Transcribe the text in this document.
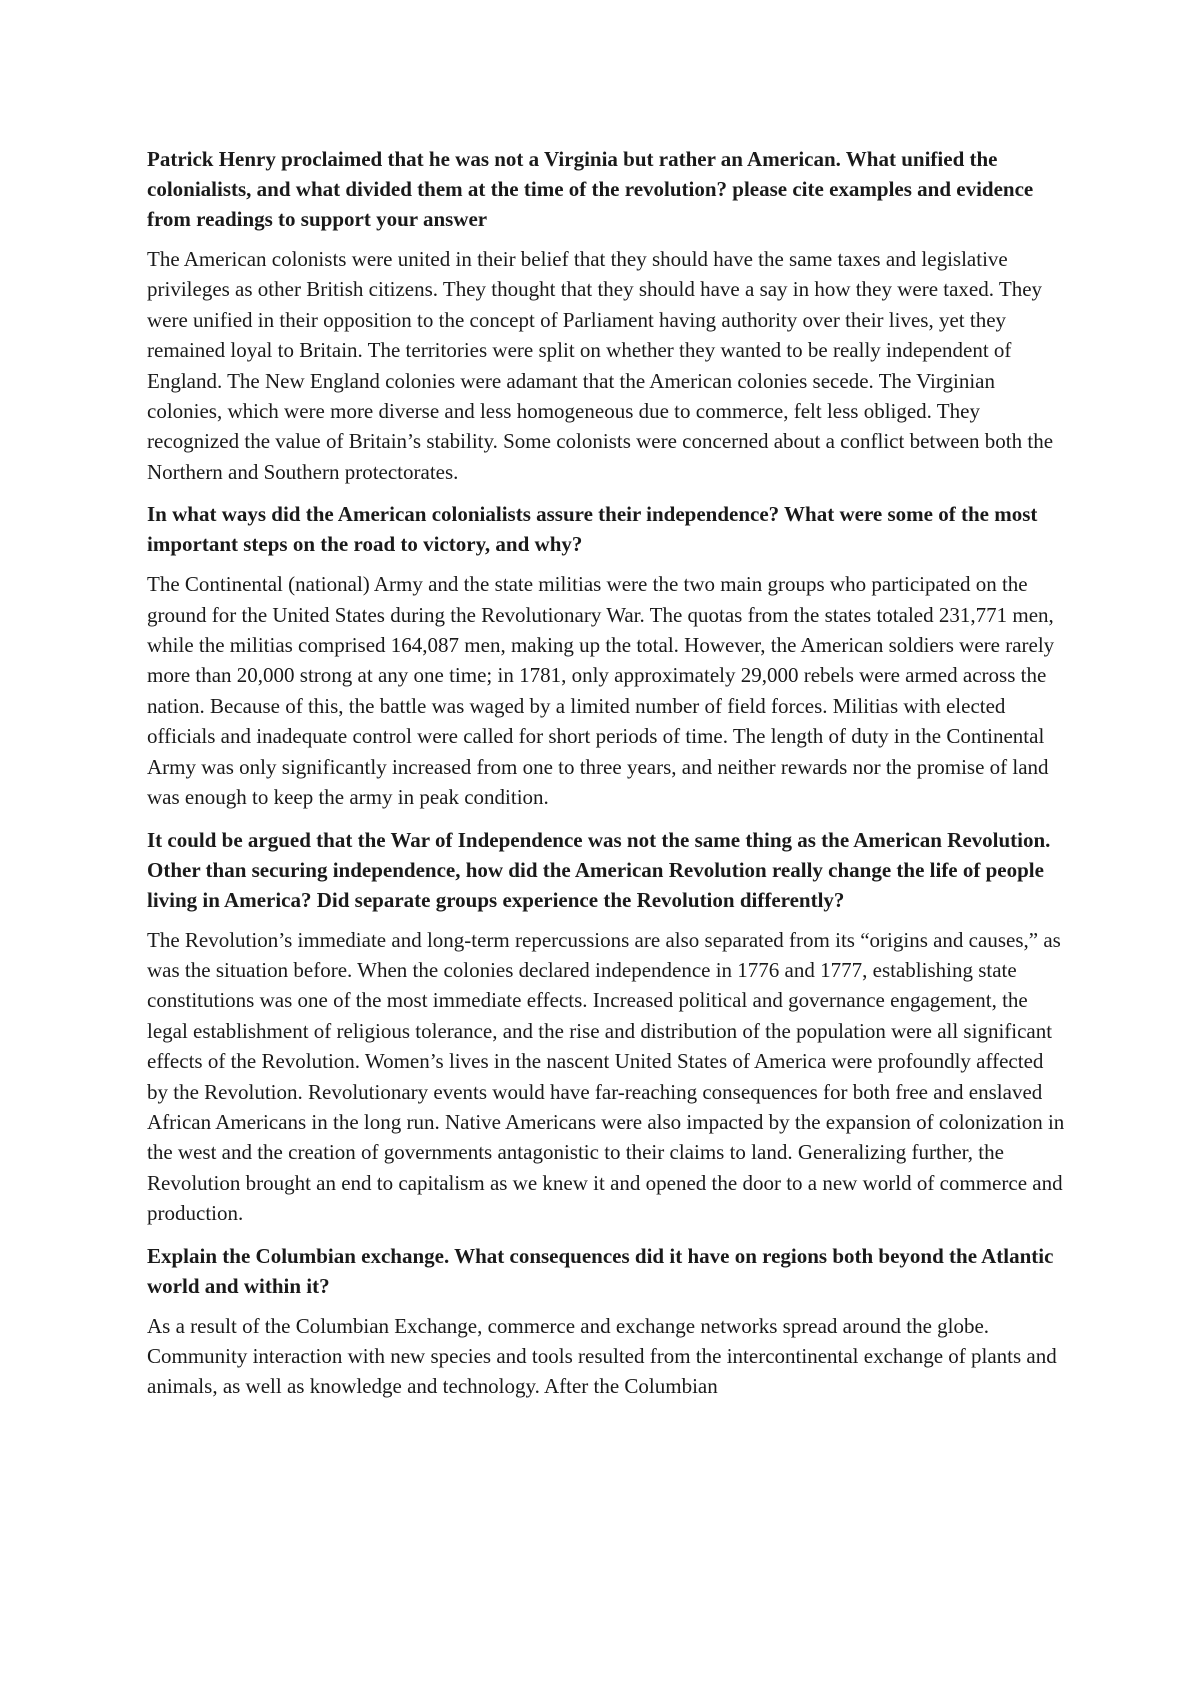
Patrick Henry proclaimed that he was not a Virginia but rather an American. What unified the colonialists, and what divided them at the time of the revolution? please cite examples and evidence from readings to support your answer

The American colonists were united in their belief that they should have the same taxes and legislative privileges as other British citizens. They thought that they should have a say in how they were taxed. They were unified in their opposition to the concept of Parliament having authority over their lives, yet they remained loyal to Britain. The territories were split on whether they wanted to be really independent of England. The New England colonies were adamant that the American colonies secede. The Virginian colonies, which were more diverse and less homogeneous due to commerce, felt less obliged. They recognized the value of Britain’s stability. Some colonists were concerned about a conflict between both the Northern and Southern protectorates.

In what ways did the American colonialists assure their independence? What were some of the most important steps on the road to victory, and why?

The Continental (national) Army and the state militias were the two main groups who participated on the ground for the United States during the Revolutionary War. The quotas from the states totaled 231,771 men, while the militias comprised 164,087 men, making up the total. However, the American soldiers were rarely more than 20,000 strong at any one time; in 1781, only approximately 29,000 rebels were armed across the nation. Because of this, the battle was waged by a limited number of field forces. Militias with elected officials and inadequate control were called for short periods of time. The length of duty in the Continental Army was only significantly increased from one to three years, and neither rewards nor the promise of land was enough to keep the army in peak condition.

It could be argued that the War of Independence was not the same thing as the American Revolution. Other than securing independence, how did the American Revolution really change the life of people living in America? Did separate groups experience the Revolution differently?

The Revolution’s immediate and long-term repercussions are also separated from its “origins and causes,” as was the situation before. When the colonies declared independence in 1776 and 1777, establishing state constitutions was one of the most immediate effects. Increased political and governance engagement, the legal establishment of religious tolerance, and the rise and distribution of the population were all significant effects of the Revolution. Women’s lives in the nascent United States of America were profoundly affected by the Revolution. Revolutionary events would have far-reaching consequences for both free and enslaved African Americans in the long run. Native Americans were also impacted by the expansion of colonization in the west and the creation of governments antagonistic to their claims to land. Generalizing further, the Revolution brought an end to capitalism as we knew it and opened the door to a new world of commerce and production.

Explain the Columbian exchange. What consequences did it have on regions both beyond the Atlantic world and within it?

As a result of the Columbian Exchange, commerce and exchange networks spread around the globe. Community interaction with new species and tools resulted from the intercontinental exchange of plants and animals, as well as knowledge and technology. After the Columbian
